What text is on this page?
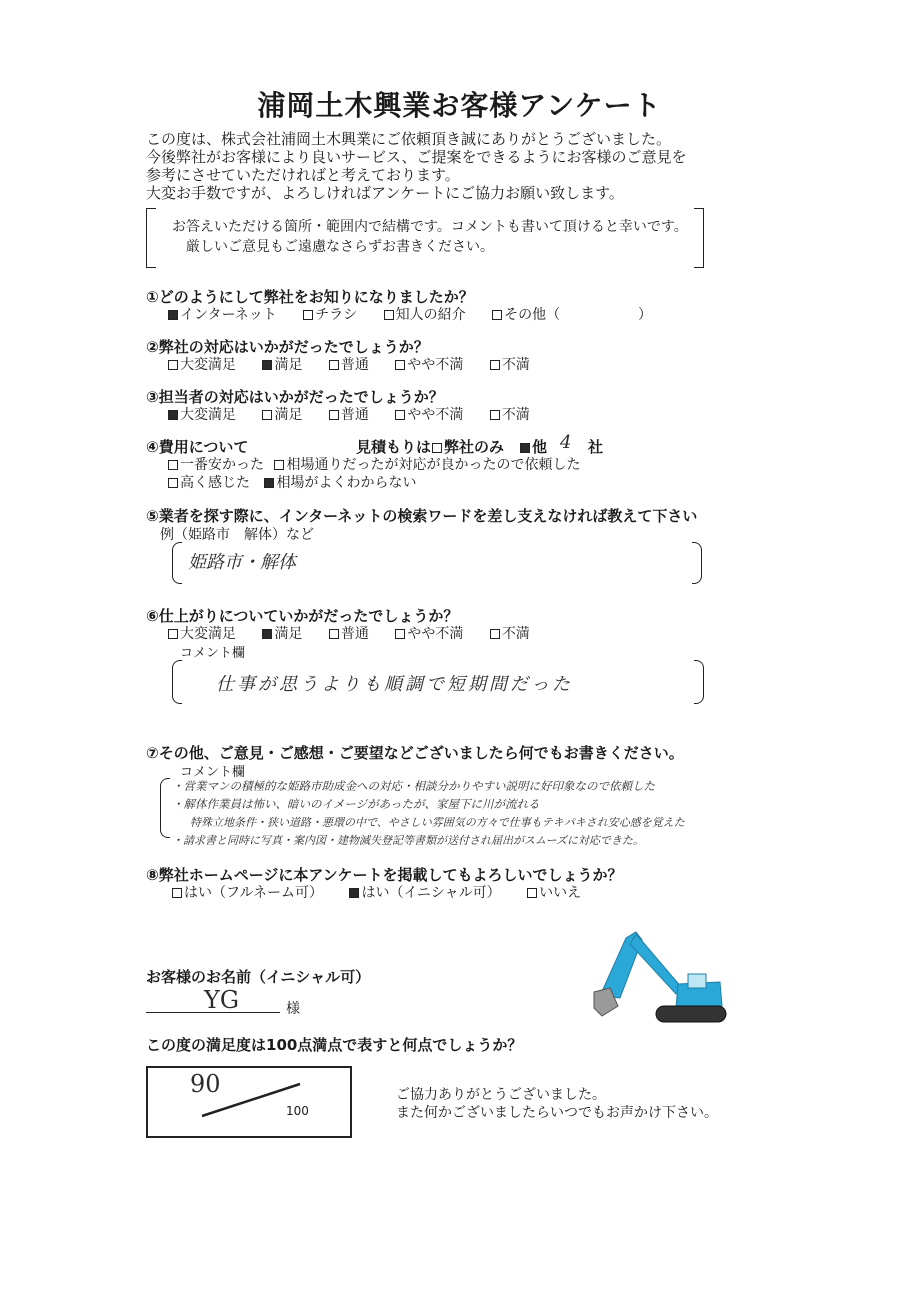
浦岡土木興業お客様アンケート
この度は、株式会社浦岡土木興業にご依頼頂き誠にありがとうございました。
今後弊社がお客様により良いサービス、ご提案をできるようにお客様のご意見を
参考にさせていただければと考えております。
大変お手数ですが、よろしければアンケートにご協力お願い致します。
お答えいただける箇所・範囲内で結構です。コメントも書いて頂けると幸いです。
厳しいご意見もご遠慮なさらずお書きください。
①どのようにして弊社をお知りになりましたか？
インターネット	チラシ	知人の紹介	その他（	）
②弊社の対応はいかがだったでしょうか？
大変満足	満足	普通	やや不満	不満
③担当者の対応はいかがだったでしょうか？
大変満足	満足	普通	やや不満	不満
④費用について	見積もりは 弊社のみ	他 4 社
一番安かった 相場通りだったが対応が良かったので依頼した
高く感じた 相場がよくわからない
⑤業者を探す際に、インターネットの検索ワードを差し支えなければ教えて下さい
例（姫路市　解体）など
姫路市・解体
⑥仕上がりについていかがだったでしょうか？
大変満足	満足	普通	やや不満	不満
コメント欄
仕事が思うよりも順調で短期間だった
⑦その他、ご意見・ご感想・ご要望などございましたら何でもお書きください。
コメント欄
・営業マンの積極的な姫路市助成金への対応・相談分かりやすい説明に好印象なので依頼した
・解体作業員は怖い、暗いのイメージがあったが、家屋下に川が流れる
特殊立地条件・狭い道路・悪環の中で、やさしい雰囲気の方々で仕事もテキパキされ安心感を覚えた
・請求書と同時に写真・案内図・建物滅失登記等書類が送付され届出がスムーズに対応できた。
⑧弊社ホームページに本アンケートを掲載してもよろしいでしょうか？
はい（フルネーム可）	はい（イニシャル可）	いいえ
お客様のお名前（イニシャル可）
YG	様
この度の満足度は100点満点で表すと何点でしょうか？
90
100
ご協力ありがとうございました。
また何かございましたらいつでもお声かけ下さい。
